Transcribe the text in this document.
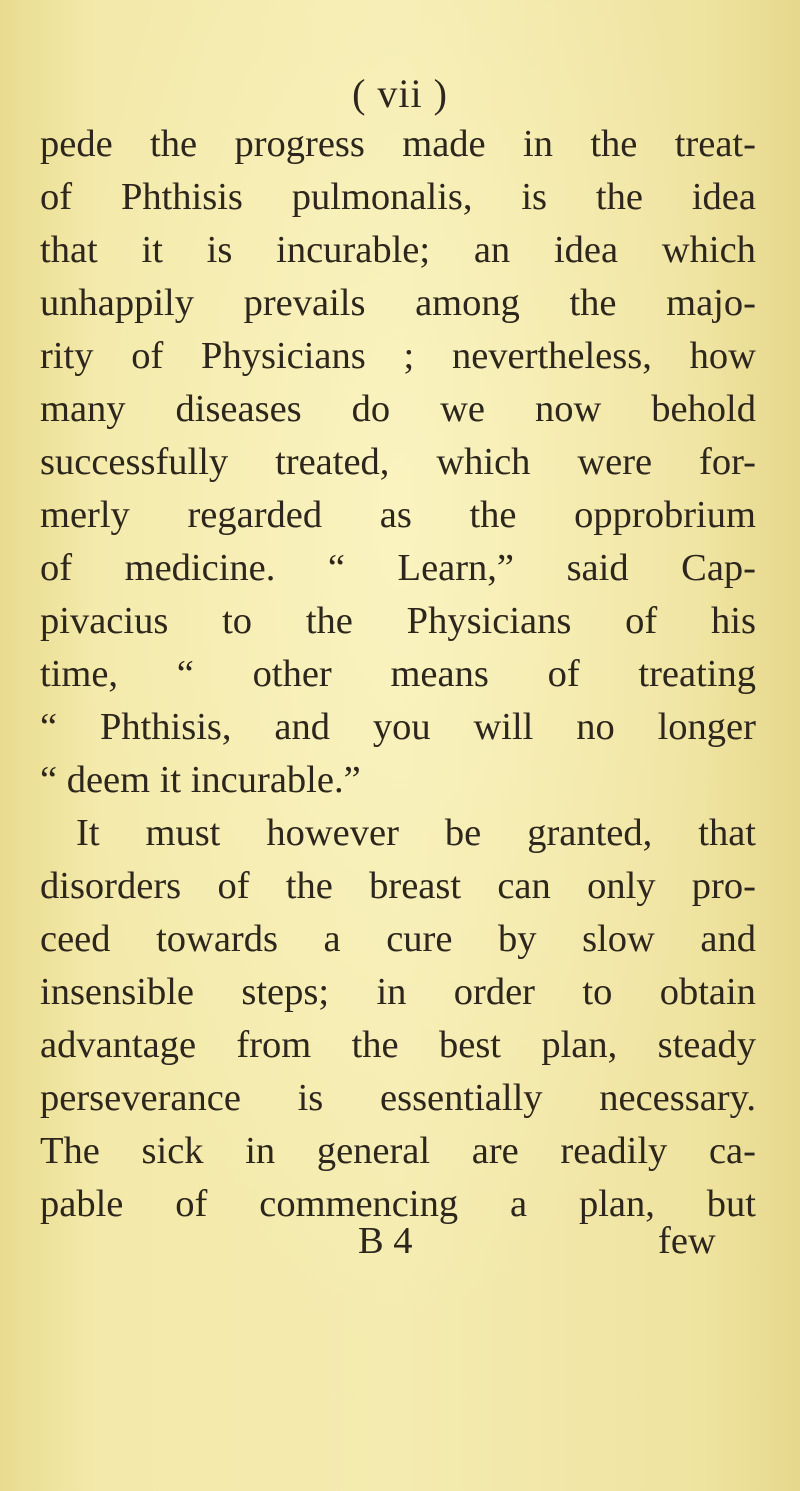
( vii )
pede the progress made in the treat-
of Phthisis pulmonalis, is the idea
that it is incurable; an idea which
unhappily prevails among the majo-
rity of Physicians ; nevertheless, how
many diseases do we now behold
successfully treated, which were for-
merly regarded as the opprobrium
of medicine. “ Learn,” said Cap-
pivacius to the Physicians of his
time, “ other means of treating
“ Phthisis, and you will no longer
“ deem it incurable.”
It must however be granted, that
disorders of the breast can only pro-
ceed towards a cure by slow and
insensible steps; in order to obtain
advantage from the best plan, steady
perseverance is essentially necessary.
The sick in general are readily ca-
pable of commencing a plan, but
B 4	few
